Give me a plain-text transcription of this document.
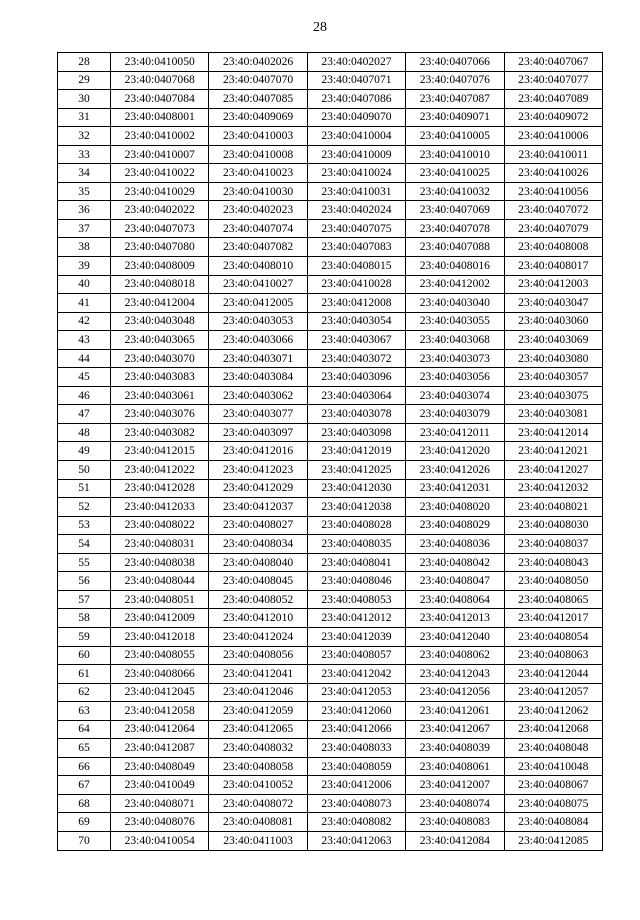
28
28	23:40:0410050	23:40:0402026	23:40:0402027	23:40:0407066	23:40:0407067
29	23:40:0407068	23:40:0407070	23:40:0407071	23:40:0407076	23:40:0407077
30	23:40:0407084	23:40:0407085	23:40:0407086	23:40:0407087	23:40:0407089
31	23:40:0408001	23:40:0409069	23:40:0409070	23:40:0409071	23:40:0409072
32	23:40:0410002	23:40:0410003	23:40:0410004	23:40:0410005	23:40:0410006
33	23:40:0410007	23:40:0410008	23:40:0410009	23:40:0410010	23:40:0410011
34	23:40:0410022	23:40:0410023	23:40:0410024	23:40:0410025	23:40:0410026
35	23:40:0410029	23:40:0410030	23:40:0410031	23:40:0410032	23:40:0410056
36	23:40:0402022	23:40:0402023	23:40:0402024	23:40:0407069	23:40:0407072
37	23:40:0407073	23:40:0407074	23:40:0407075	23:40:0407078	23:40:0407079
38	23:40:0407080	23:40:0407082	23:40:0407083	23:40:0407088	23:40:0408008
39	23:40:0408009	23:40:0408010	23:40:0408015	23:40:0408016	23:40:0408017
40	23:40:0408018	23:40:0410027	23:40:0410028	23:40:0412002	23:40:0412003
41	23:40:0412004	23:40:0412005	23:40:0412008	23:40:0403040	23:40:0403047
42	23:40:0403048	23:40:0403053	23:40:0403054	23:40:0403055	23:40:0403060
43	23:40:0403065	23:40:0403066	23:40:0403067	23:40:0403068	23:40:0403069
44	23:40:0403070	23:40:0403071	23:40:0403072	23:40:0403073	23:40:0403080
45	23:40:0403083	23:40:0403084	23:40:0403096	23:40:0403056	23:40:0403057
46	23:40:0403061	23:40:0403062	23:40:0403064	23:40:0403074	23:40:0403075
47	23:40:0403076	23:40:0403077	23:40:0403078	23:40:0403079	23:40:0403081
48	23:40:0403082	23:40:0403097	23:40:0403098	23:40:0412011	23:40:0412014
49	23:40:0412015	23:40:0412016	23:40:0412019	23:40:0412020	23:40:0412021
50	23:40:0412022	23:40:0412023	23:40:0412025	23:40:0412026	23:40:0412027
51	23:40:0412028	23:40:0412029	23:40:0412030	23:40:0412031	23:40:0412032
52	23:40:0412033	23:40:0412037	23:40:0412038	23:40:0408020	23:40:0408021
53	23:40:0408022	23:40:0408027	23:40:0408028	23:40:0408029	23:40:0408030
54	23:40:0408031	23:40:0408034	23:40:0408035	23:40:0408036	23:40:0408037
55	23:40:0408038	23:40:0408040	23:40:0408041	23:40:0408042	23:40:0408043
56	23:40:0408044	23:40:0408045	23:40:0408046	23:40:0408047	23:40:0408050
57	23:40:0408051	23:40:0408052	23:40:0408053	23:40:0408064	23:40:0408065
58	23:40:0412009	23:40:0412010	23:40:0412012	23:40:0412013	23:40:0412017
59	23:40:0412018	23:40:0412024	23:40:0412039	23:40:0412040	23:40:0408054
60	23:40:0408055	23:40:0408056	23:40:0408057	23:40:0408062	23:40:0408063
61	23:40:0408066	23:40:0412041	23:40:0412042	23:40:0412043	23:40:0412044
62	23:40:0412045	23:40:0412046	23:40:0412053	23:40:0412056	23:40:0412057
63	23:40:0412058	23:40:0412059	23:40:0412060	23:40:0412061	23:40:0412062
64	23:40:0412064	23:40:0412065	23:40:0412066	23:40:0412067	23:40:0412068
65	23:40:0412087	23:40:0408032	23:40:0408033	23:40:0408039	23:40:0408048
66	23:40:0408049	23:40:0408058	23:40:0408059	23:40:0408061	23:40:0410048
67	23:40:0410049	23:40:0410052	23:40:0412006	23:40:0412007	23:40:0408067
68	23:40:0408071	23:40:0408072	23:40:0408073	23:40:0408074	23:40:0408075
69	23:40:0408076	23:40:0408081	23:40:0408082	23:40:0408083	23:40:0408084
70	23:40:0410054	23:40:0411003	23:40:0412063	23:40:0412084	23:40:0412085
